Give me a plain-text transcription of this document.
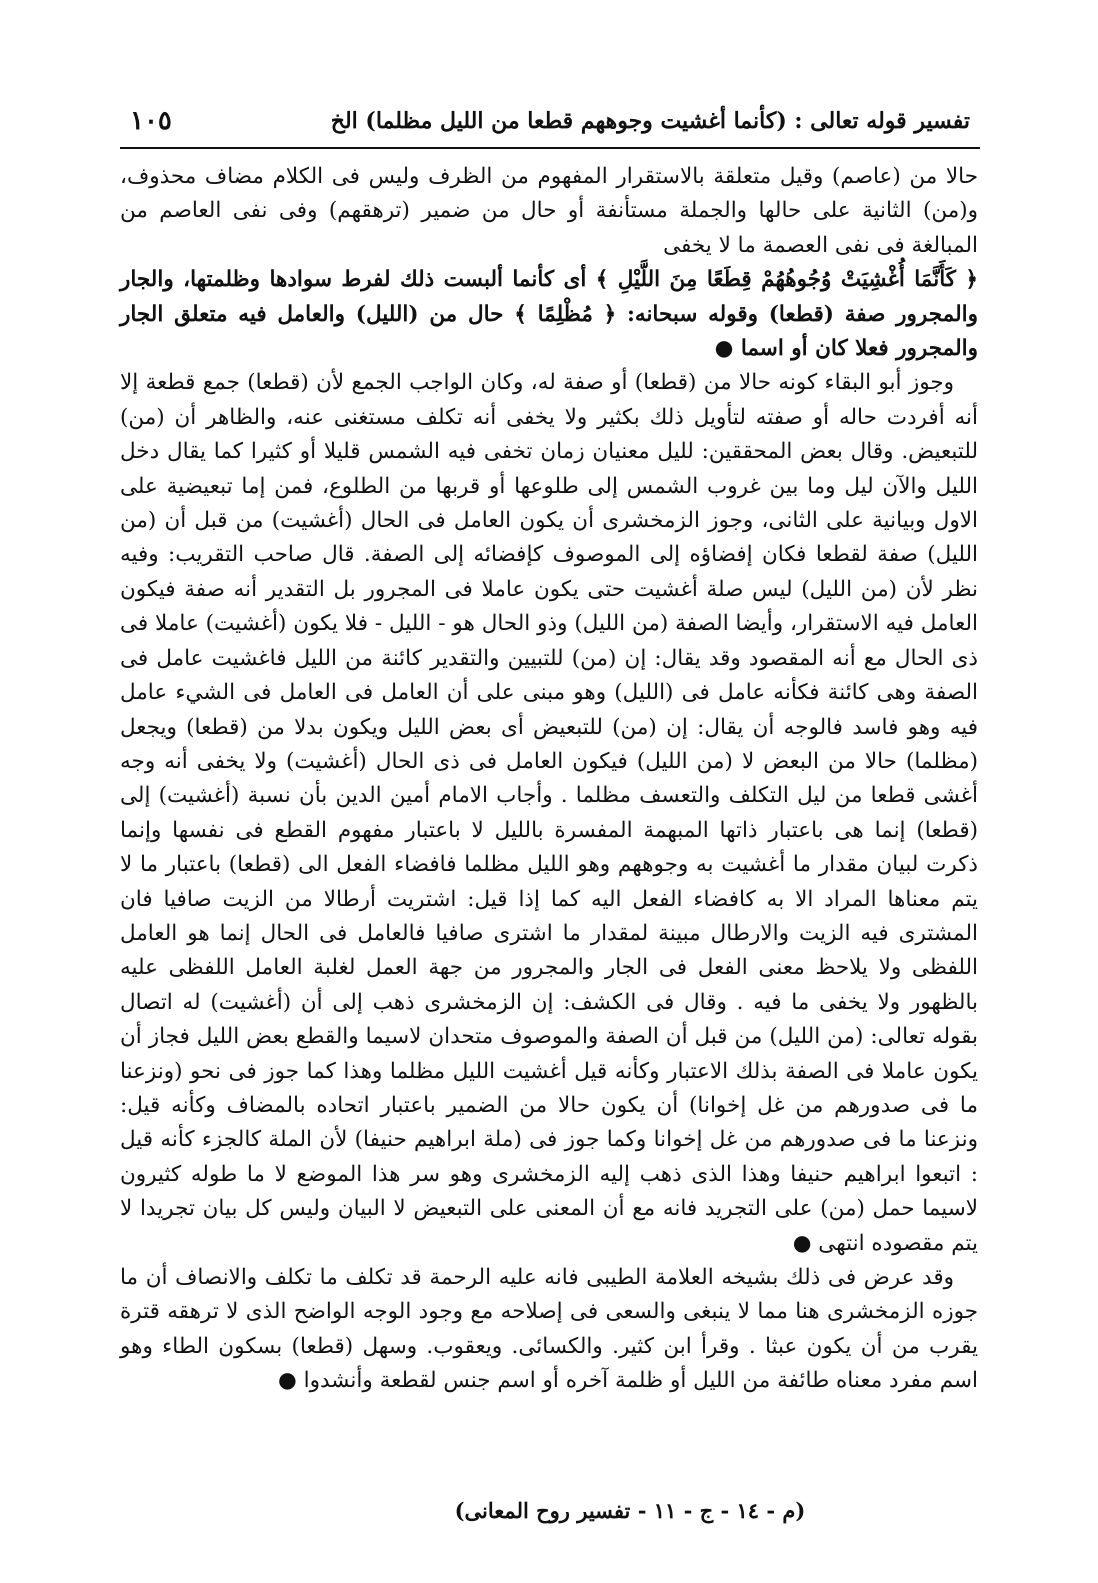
تفسير قوله تعالى : (كأنما أغشيت وجوههم قطعا من الليل مظلما) الخ
١٠٥

حالا من (عاصم) وقيل متعلقة بالاستقرار المفهوم من الظرف وليس فى الكلام مضاف محذوف، و(من) الثانية على حالها والجملة مستأنفة أو حال من ضمير (ترهقهم) وفى نفى العاصم من المبالغة فى نفى العصمة ما لا يخفى

﴿ كَأَنَّمَا أُغْشِيَتْ وُجُوهُهُمْ قِطَعًا مِنَ اللَّيْلِ ﴾ أى كأنما ألبست ذلك لفرط سوادها وظلمتها، والجار والمجرور صفة (قطعا) وقوله سبحانه: ﴿ مُظْلِمًا ﴾ حال من (الليل) والعامل فيه متعلق الجار والمجرور فعلا كان أو اسما ●

وجوز أبو البقاء كونه حالا من (قطعا) أو صفة له، وكان الواجب الجمع لأن (قطعا) جمع قطعة إلا أنه أفردت حاله أو صفته لتأويل ذلك بكثير ولا يخفى أنه تكلف مستغنى عنه، والظاهر أن (من) للتبعيض. وقال بعض المحققين: لليل معنيان زمان تخفى فيه الشمس قليلا أو كثيرا كما يقال دخل الليل والآن ليل وما بين غروب الشمس إلى طلوعها أو قربها من الطلوع، فمن إما تبعيضية على الاول وبيانية على الثانى، وجوز الزمخشرى أن يكون العامل فى الحال (أغشيت) من قبل أن (من الليل) صفة لقطعا فكان إفضاؤه إلى الموصوف كإفضائه إلى الصفة. قال صاحب التقريب: وفيه نظر لأن (من الليل) ليس صلة أغشيت حتى يكون عاملا فى المجرور بل التقدير أنه صفة فيكون العامل فيه الاستقرار، وأيضا الصفة (من الليل) وذو الحال هو - الليل - فلا يكون (أغشيت) عاملا فى ذى الحال مع أنه المقصود وقد يقال: إن (من) للتبيين والتقدير كائنة من الليل فاغشيت عامل فى الصفة وهى كائنة فكأنه عامل فى (الليل) وهو مبنى على أن العامل فى العامل فى الشيء عامل فيه وهو فاسد فالوجه أن يقال: إن (من) للتبعيض أى بعض الليل ويكون بدلا من (قطعا) ويجعل (مظلما) حالا من البعض لا (من الليل) فيكون العامل فى ذى الحال (أغشيت) ولا يخفى أنه وجه أغشى قطعا من ليل التكلف والتعسف مظلما . وأجاب الامام أمين الدين بأن نسبة (أغشيت) إلى (قطعا) إنما هى باعتبار ذاتها المبهمة المفسرة بالليل لا باعتبار مفهوم القطع فى نفسها وإنما ذكرت لبيان مقدار ما أغشيت به وجوههم وهو الليل مظلما فافضاء الفعل الى (قطعا) باعتبار ما لا يتم معناها المراد الا به كافضاء الفعل اليه كما إذا قيل: اشتريت أرطالا من الزيت صافيا فان المشترى فيه الزيت والارطال مبينة لمقدار ما اشترى صافيا فالعامل فى الحال إنما هو العامل اللفظى ولا يلاحظ معنى الفعل فى الجار والمجرور من جهة العمل لغلبة العامل اللفظى عليه بالظهور ولا يخفى ما فيه . وقال فى الكشف: إن الزمخشرى ذهب إلى أن (أغشيت) له اتصال بقوله تعالى: (من الليل) من قبل أن الصفة والموصوف متحدان لاسيما والقطع بعض الليل فجاز أن يكون عاملا فى الصفة بذلك الاعتبار وكأنه قيل أغشيت الليل مظلما وهذا كما جوز فى نحو (ونزعنا ما فى صدورهم من غل إخوانا) أن يكون حالا من الضمير باعتبار اتحاده بالمضاف وكأنه قيل: ونزعنا ما فى صدورهم من غل إخوانا وكما جوز فى (ملة ابراهيم حنيفا) لأن الملة كالجزء كأنه قيل : اتبعوا ابراهيم حنيفا وهذا الذى ذهب إليه الزمخشرى وهو سر هذا الموضع لا ما طوله كثيرون لاسيما حمل (من) على التجريد فانه مع أن المعنى على التبعيض لا البيان وليس كل بيان تجريدا لا يتم مقصوده انتهى ●

وقد عرض فى ذلك بشيخه العلامة الطيبى فانه عليه الرحمة قد تكلف ما تكلف والانصاف أن ما جوزه الزمخشرى هنا مما لا ينبغى والسعى فى إصلاحه مع وجود الوجه الواضح الذى لا ترهقه قترة يقرب من أن يكون عبثا . وقرأ ابن كثير. والكسائى. ويعقوب. وسهل (قطعا) بسكون الطاء وهو اسم مفرد معناه طائفة من الليل أو ظلمة آخره أو اسم جنس لقطعة وأنشدوا ●

(م - ١٤ - ج - ١١ - تفسير روح المعانى)
